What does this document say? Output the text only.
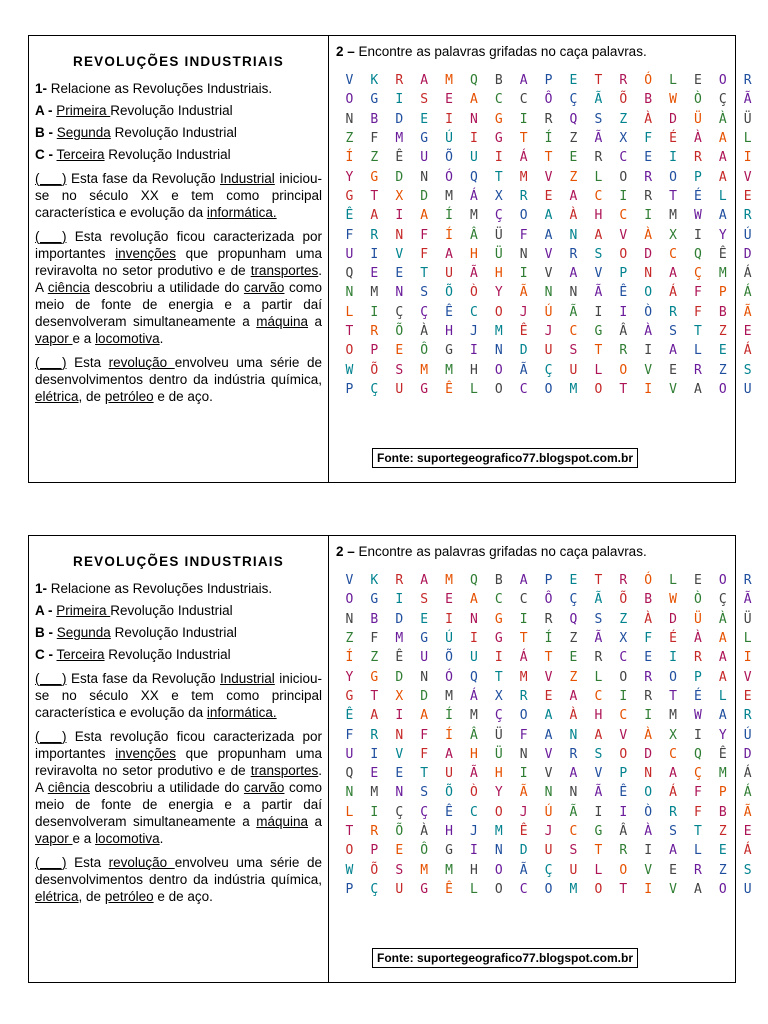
REVOLUÇÕES INDUSTRIAIS
1- Relacione as Revoluções Industriais.
A - Primeira Revolução Industrial
B - Segunda Revolução Industrial
C - Terceira Revolução Industrial
(___) Esta fase da Revolução Industrial iniciou-se no século XX e tem como principal característica e evolução da informática.
(___) Esta revolução ficou caracterizada por importantes invenções que propunham uma reviravolta no setor produtivo e de transportes. A ciência descobriu a utilidade do carvão como meio de fonte de energia e a partir daí desenvolveram simultaneamente a máquina a vapor e a locomotiva.
(___) Esta revolução envolveu uma série de desenvolvimentos dentro da indústria química, elétrica, de petróleo e de aço.
2 – Encontre as palavras grifadas no caça palavras.
V	K	R	A	M	Q	B	A	P	E	T	R	Ó	L	E	O	R
O	G	I	S	E	A	C	C	Ô	Ç	Ã	Õ	B	W	Ò	Ç	Ã
N	B	D	E	I	N	G	I	R	Q	S	Z	À	D	Ü	À	Ü
Z	F	M	G	Ú	I	G	T	Í	Z	Ã	X	F	É	À	A	L
Í	Z	Ê	U	Õ	U	I	Á	T	E	R	C	E	I	R	A	I
Y	G	D	N	Ó	Q	T	M	V	Z	L	O	R	O	P	A	V
G	T	X	D	M	Á	X	R	E	A	C	I	R	T	É	L	E
Ê	A	I	A	Í	M	Ç	O	A	À	H	C	I	M	W	A	R
F	R	N	F	Í	Â	Ü	F	A	N	A	V	À	X	I	Y	Ú
U	I	V	F	A	H	Ü	N	V	R	S	O	D	C	Q	Ê	D
Q	E	E	T	U	Ã	H	I	V	A	V	P	N	A	Ç	M	Á
N	M	N	S	Õ	Ò	Y	Ã	N	N	Ã	Ê	O	Á	F	P	Á
L	I	Ç	Ç	Ê	C	O	J	Ú	Ã	I	I	Ò	R	F	B	Ã
T	R	Õ	À	H	J	M	Ê	J	C	G	Â	À	S	T	Z	E
O	P	E	Ô	G	I	N	D	U	S	T	R	I	A	L	E	Á
W	Õ	S	M	M	H	O	Ã	Ç	U	L	O	V	E	R	Z	S
P	Ç	U	G	Ê	L	O	C	O	M	O	T	I	V	A	O	U
Fonte: suportegeografico77.blogspot.com.br
REVOLUÇÕES INDUSTRIAIS
1- Relacione as Revoluções Industriais.
A - Primeira Revolução Industrial
B - Segunda Revolução Industrial
C - Terceira Revolução Industrial
(___) Esta fase da Revolução Industrial iniciou-se no século XX e tem como principal característica e evolução da informática.
(___) Esta revolução ficou caracterizada por importantes invenções que propunham uma reviravolta no setor produtivo e de transportes. A ciência descobriu a utilidade do carvão como meio de fonte de energia e a partir daí desenvolveram simultaneamente a máquina a vapor e a locomotiva.
(___) Esta revolução envolveu uma série de desenvolvimentos dentro da indústria química, elétrica, de petróleo e de aço.
2 – Encontre as palavras grifadas no caça palavras.
V	K	R	A	M	Q	B	A	P	E	T	R	Ó	L	E	O	R
O	G	I	S	E	A	C	C	Ô	Ç	Ã	Õ	B	W	Ò	Ç	Ã
N	B	D	E	I	N	G	I	R	Q	S	Z	À	D	Ü	À	Ü
Z	F	M	G	Ú	I	G	T	Í	Z	Ã	X	F	É	À	A	L
Í	Z	Ê	U	Õ	U	I	Á	T	E	R	C	E	I	R	A	I
Y	G	D	N	Ó	Q	T	M	V	Z	L	O	R	O	P	A	V
G	T	X	D	M	Á	X	R	E	A	C	I	R	T	É	L	E
Ê	A	I	A	Í	M	Ç	O	A	À	H	C	I	M	W	A	R
F	R	N	F	Í	Â	Ü	F	A	N	A	V	À	X	I	Y	Ú
U	I	V	F	A	H	Ü	N	V	R	S	O	D	C	Q	Ê	D
Q	E	E	T	U	Ã	H	I	V	A	V	P	N	A	Ç	M	Á
N	M	N	S	Õ	Ò	Y	Ã	N	N	Ã	Ê	O	Á	F	P	Á
L	I	Ç	Ç	Ê	C	O	J	Ú	Ã	I	I	Ò	R	F	B	Ã
T	R	Õ	À	H	J	M	Ê	J	C	G	Â	À	S	T	Z	E
O	P	E	Ô	G	I	N	D	U	S	T	R	I	A	L	E	Á
W	Õ	S	M	M	H	O	Ã	Ç	U	L	O	V	E	R	Z	S
P	Ç	U	G	Ê	L	O	C	O	M	O	T	I	V	A	O	U
Fonte: suportegeografico77.blogspot.com.br
